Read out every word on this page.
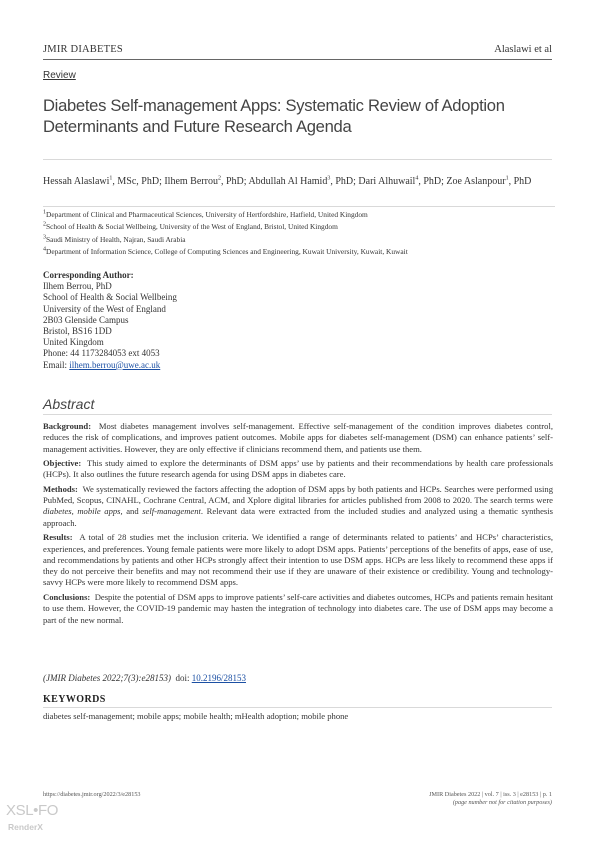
JMIR DIABETES	Alaslawi et al
Review
Diabetes Self-management Apps: Systematic Review of Adoption Determinants and Future Research Agenda
Hessah Alaslawi$^1$, MSc, PhD; Ilhem Berrou$^2$, PhD; Abdullah Al Hamid$^3$, PhD; Dari Alhuwail$^4$, PhD; Zoe Aslanpour$^1$, PhD
$^1$Department of Clinical and Pharmaceutical Sciences, University of Hertfordshire, Hatfield, United Kingdom
$^2$School of Health & Social Wellbeing, University of the West of England, Bristol, United Kingdom
$^3$Saudi Ministry of Health, Najran, Saudi Arabia
$^4$Department of Information Science, College of Computing Sciences and Engineering, Kuwait University, Kuwait, Kuwait
Corresponding Author:
Ilhem Berrou, PhD
School of Health & Social Wellbeing
University of the West of England
2B03 Glenside Campus
Bristol, BS16 1DD
United Kingdom
Phone: 44 1173284053 ext 4053
Email: ilhem.berrou@uwe.ac.uk
Abstract

Background: Most diabetes management involves self-management. Effective self-management of the condition improves diabetes control, reduces the risk of complications, and improves patient outcomes. Mobile apps for diabetes self-management (DSM) can enhance patients’ self-management activities. However, they are only effective if clinicians recommend them, and patients use them.

Objective: This study aimed to explore the determinants of DSM apps’ use by patients and their recommendations by health care professionals (HCPs). It also outlines the future research agenda for using DSM apps in diabetes care.

Methods: We systematically reviewed the factors affecting the adoption of DSM apps by both patients and HCPs. Searches were performed using PubMed, Scopus, CINAHL, Cochrane Central, ACM, and Xplore digital libraries for articles published from 2008 to 2020. The search terms were diabetes, mobile apps, and self-management. Relevant data were extracted from the included studies and analyzed using a thematic synthesis approach.

Results: A total of 28 studies met the inclusion criteria. We identified a range of determinants related to patients’ and HCPs’ characteristics, experiences, and preferences. Young female patients were more likely to adopt DSM apps. Patients’ perceptions of the benefits of apps, ease of use, and recommendations by patients and other HCPs strongly affect their intention to use DSM apps. HCPs are less likely to recommend these apps if they do not perceive their benefits and may not recommend their use if they are unaware of their existence or credibility. Young and technology-savvy HCPs were more likely to recommend DSM apps.

Conclusions: Despite the potential of DSM apps to improve patients’ self-care activities and diabetes outcomes, HCPs and patients remain hesitant to use them. However, the COVID-19 pandemic may hasten the integration of technology into diabetes care. The use of DSM apps may become a part of the new normal.

(JMIR Diabetes 2022;7(3):e28153) doi: 10.2196/28153
KEYWORDS
diabetes self-management; mobile apps; mobile health; mHealth adoption; mobile phone
https://diabetes.jmir.org/2022/3/e28153	JMIR Diabetes 2022 | vol. 7 | iss. 3 | e28153 | p. 1
(page number not for citation purposes)
XSL•FO
RenderX
